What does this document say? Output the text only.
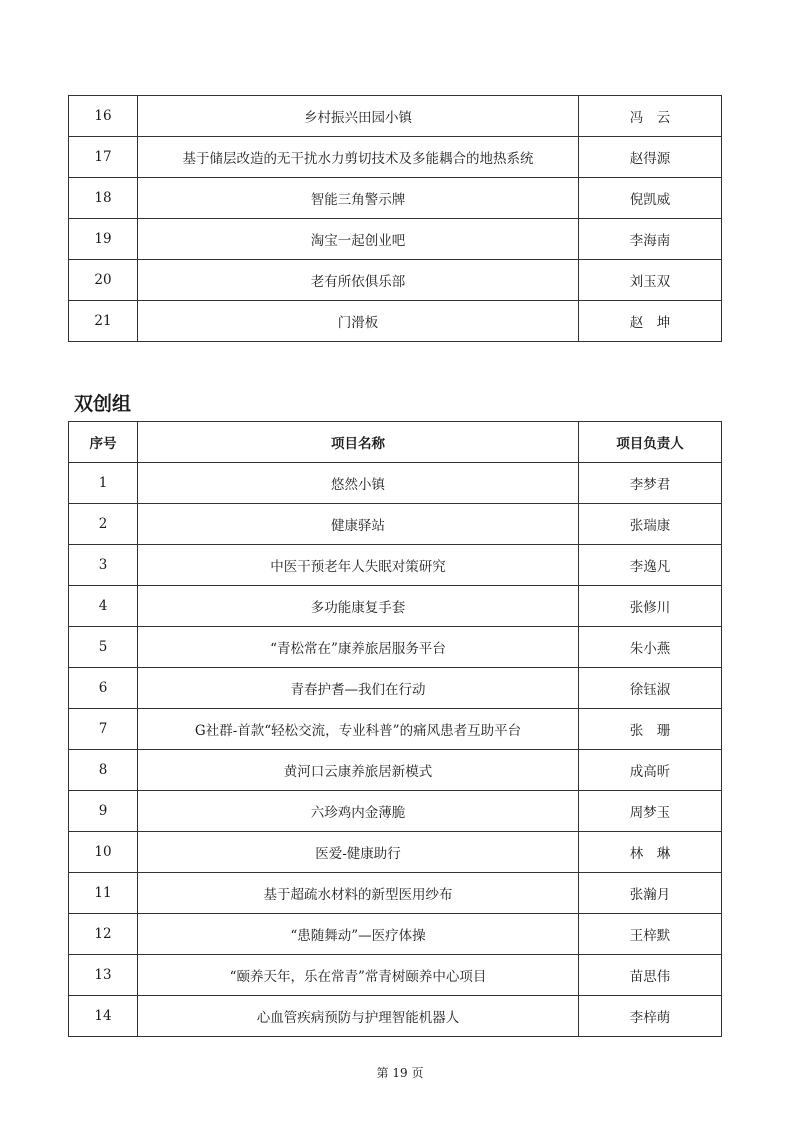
16	乡村振兴田园小镇	冯　云
17	基于储层改造的无干扰水力剪切技术及多能耦合的地热系统	赵得源
18	智能三角警示牌	倪凯威
19	淘宝一起创业吧	李海南
20	老有所依俱乐部	刘玉双
21	门滑板	赵　坤
双创组
序号	项目名称	项目负责人
1	悠然小镇	李梦君
2	健康驿站	张瑞康
3	中医干预老年人失眠对策研究	李逸凡
4	多功能康复手套	张修川
5	“青松常在”康养旅居服务平台	朱小燕
6	青春护耆—我们在行动	徐钰淑
7	G社群-首款“轻松交流，专业科普”的痛风患者互助平台	张　珊
8	黄河口云康养旅居新模式	成高昕
9	六珍鸡内金薄脆	周梦玉
10	医爱-健康助行	林　琳
11	基于超疏水材料的新型医用纱布	张瀚月
12	“患随舞动”—医疗体操	王梓默
13	“颐养天年，乐在常青”常青树颐养中心项目	苗思伟
14	心血管疾病预防与护理智能机器人	李梓萌
第 19 页
